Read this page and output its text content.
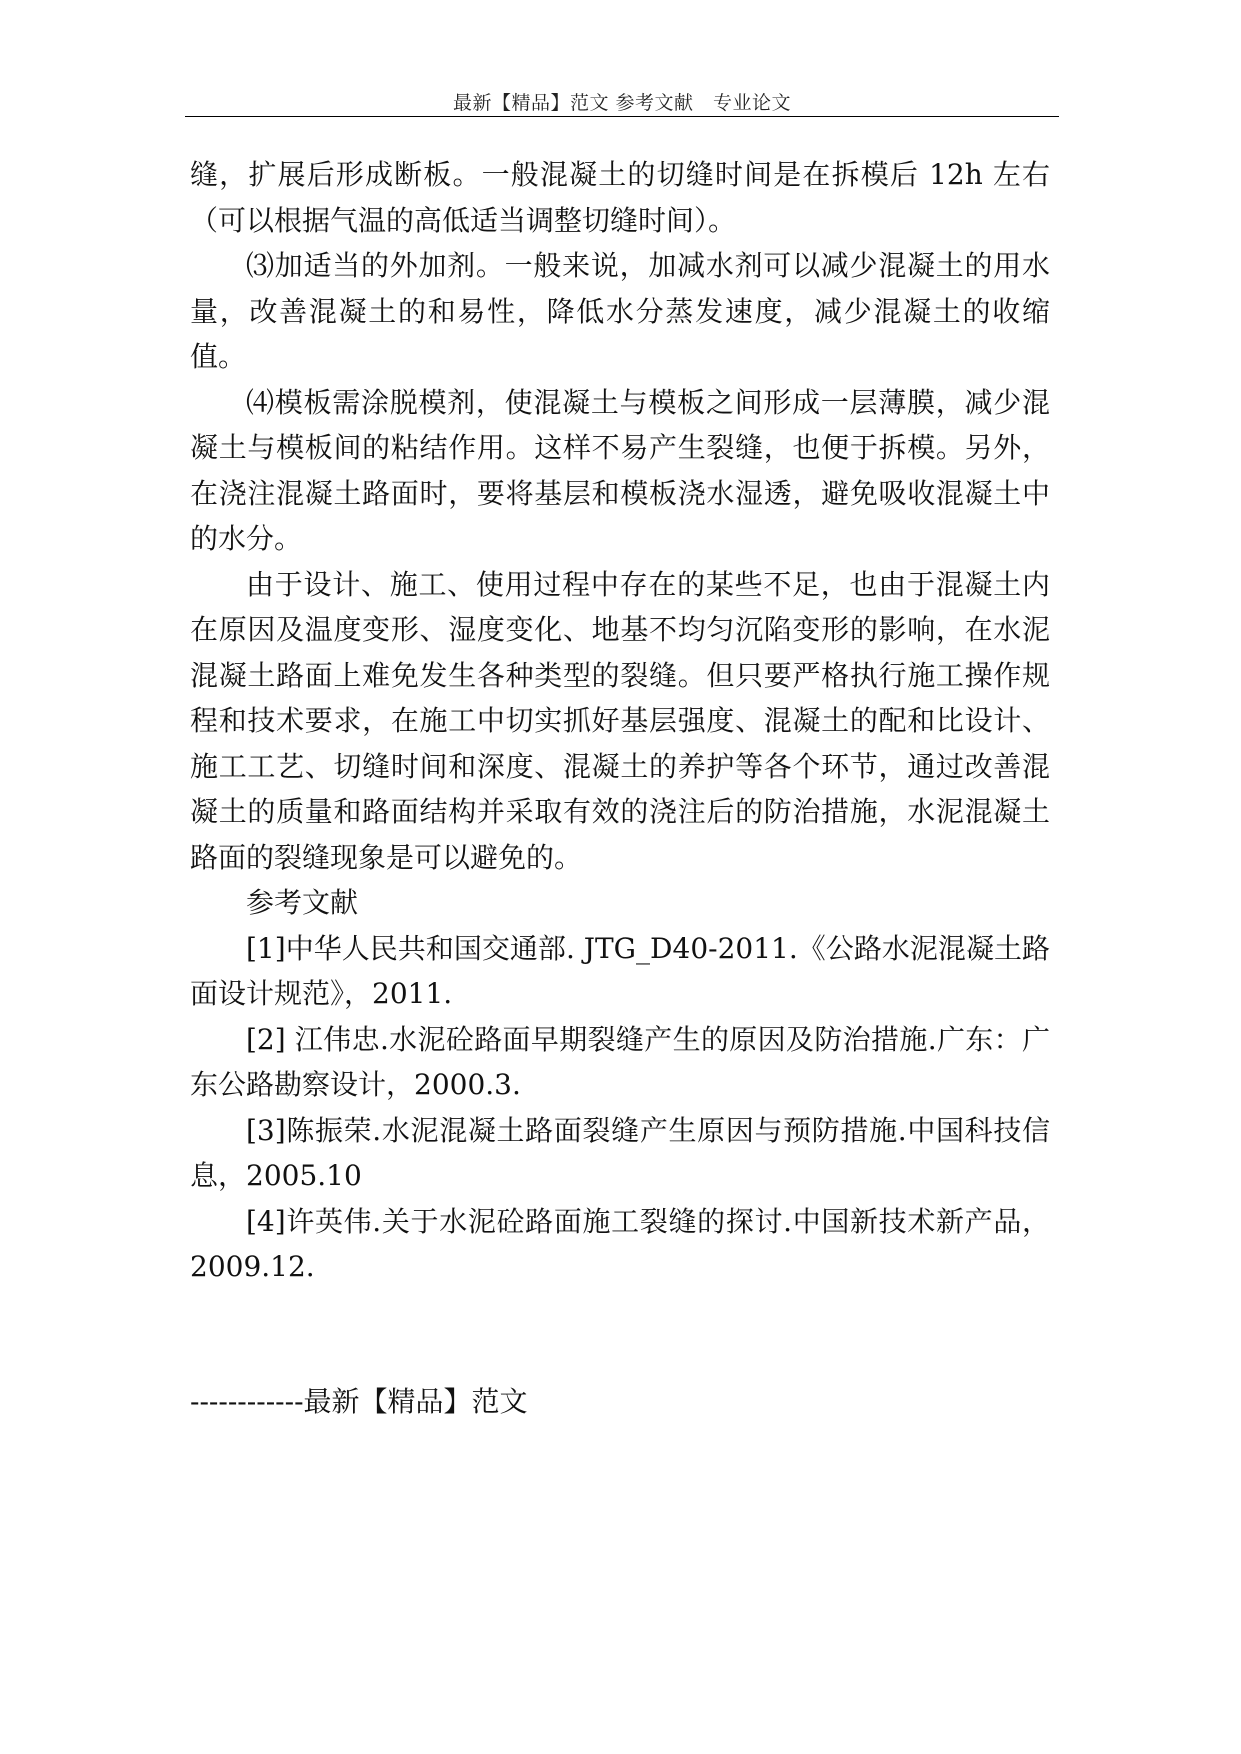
最新【精品】范文 参考文献　专业论文

缝，扩展后形成断板。一般混凝土的切缝时间是在拆模后 12h 左右（可以根据气温的高低适当调整切缝时间）。

⑶加适当的外加剂。一般来说，加减水剂可以减少混凝土的用水量，改善混凝土的和易性，降低水分蒸发速度，减少混凝土的收缩值。

⑷模板需涂脱模剂，使混凝土与模板之间形成一层薄膜，减少混凝土与模板间的粘结作用。这样不易产生裂缝，也便于拆模。另外，在浇注混凝土路面时，要将基层和模板浇水湿透，避免吸收混凝土中的水分。

由于设计、施工、使用过程中存在的某些不足，也由于混凝土内在原因及温度变形、湿度变化、地基不均匀沉陷变形的影响，在水泥混凝土路面上难免发生各种类型的裂缝。但只要严格执行施工操作规程和技术要求，在施工中切实抓好基层强度、混凝土的配和比设计、施工工艺、切缝时间和深度、混凝土的养护等各个环节，通过改善混凝土的质量和路面结构并采取有效的浇注后的防治措施，水泥混凝土路面的裂缝现象是可以避免的。

参考文献

[1]中华人民共和国交通部. JTG_D40-2011.《公路水泥混凝土路面设计规范》，2011.

[2] 江伟忠.水泥砼路面早期裂缝产生的原因及防治措施.广东：广东公路勘察设计，2000.3.

[3]陈振荣.水泥混凝土路面裂缝产生原因与预防措施.中国科技信息，2005.10

[4]许英伟.关于水泥砼路面施工裂缝的探讨.中国新技术新产品，2009.12.

------------最新【精品】范文
